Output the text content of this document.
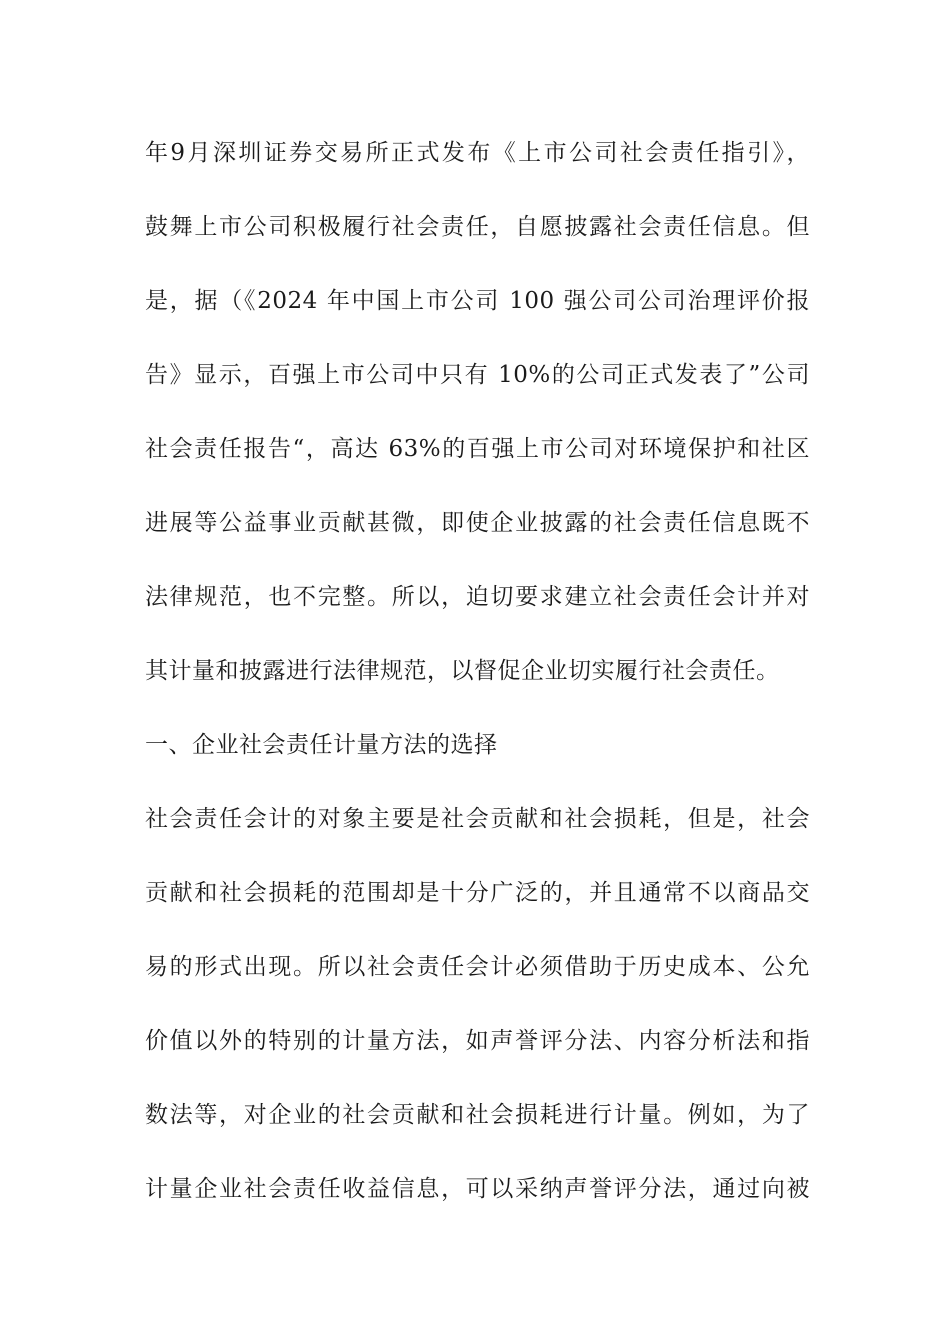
年9月深圳证券交易所正式发布《上市公司社会责任指引》，
鼓舞上市公司积极履行社会责任，自愿披露社会责任信息。但
是，据（《2024 年中国上市公司 100 强公司公司治理评价报
告》显示，百强上市公司中只有 10%的公司正式发表了”公司
社会责任报告“，高达 63%的百强上市公司对环境保护和社区
进展等公益事业贡献甚微，即使企业披露的社会责任信息既不
法律规范，也不完整。所以，迫切要求建立社会责任会计并对
其计量和披露进行法律规范，以督促企业切实履行社会责任。
一、企业社会责任计量方法的选择
社会责任会计的对象主要是社会贡献和社会损耗，但是，社会
贡献和社会损耗的范围却是十分广泛的，并且通常不以商品交
易的形式出现。所以社会责任会计必须借助于历史成本、公允
价值以外的特别的计量方法，如声誉评分法、内容分析法和指
数法等，对企业的社会贡献和社会损耗进行计量。例如，为了
计量企业社会责任收益信息，可以采纳声誉评分法，通过向被
